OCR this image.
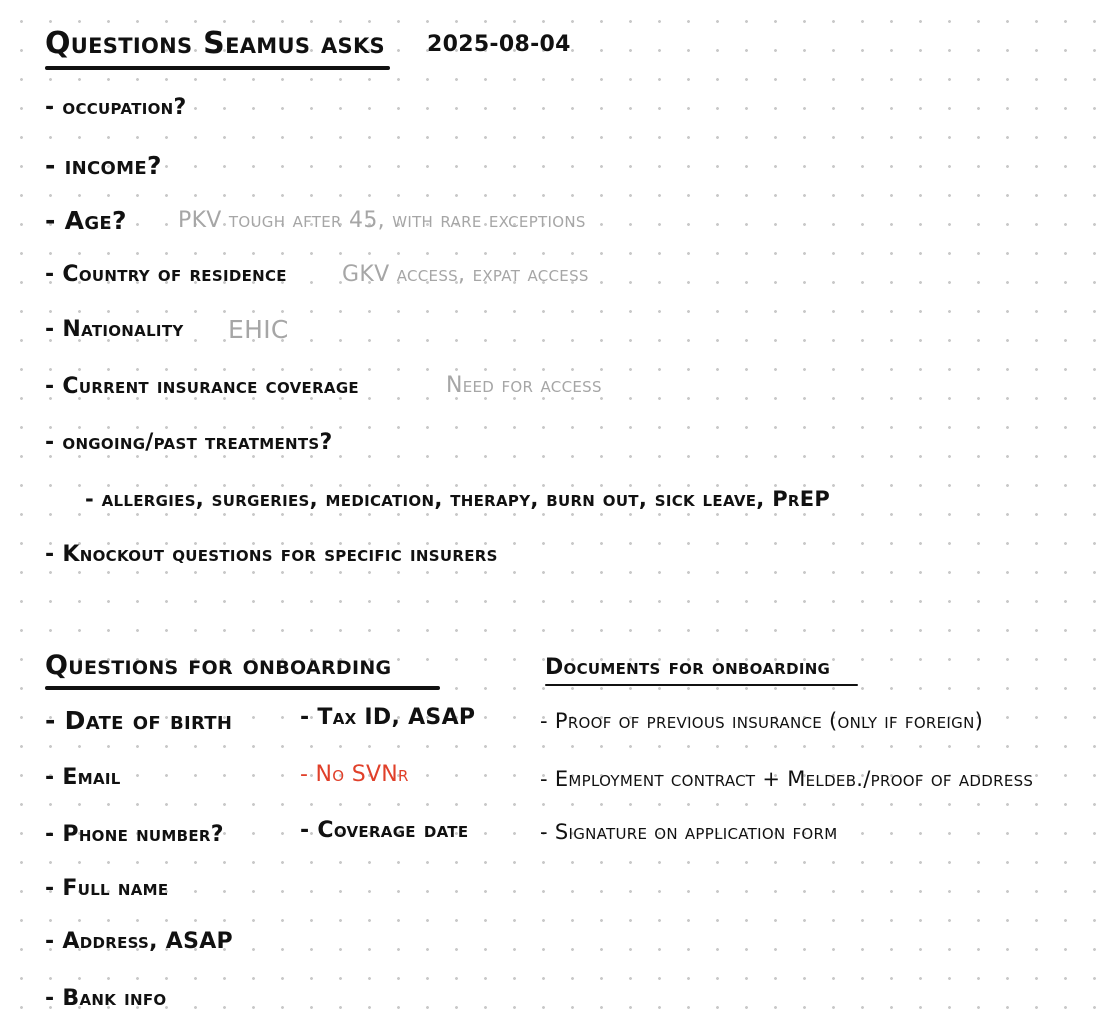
Questions Seamus asks 2025-08-04
- occupation?
- income?
- Age? PKV tough after 45, with rare exceptions
- Country of residence	GKV access, expat access
- Nationality EHIC
- Current insurance coverage	Need for access
- ongoing/past treatments?
- allergies, surgeries, medication, therapy, burn out, sick leave, PrEP
- Knockout questions for specific insurers
Questions for onboarding
- Date of birth
- Email
- Phone number?
- Full name
- Address, ASAP
- Bank info
- Tax ID, ASAP
- No SVNr
- Coverage date
Documents for onboarding
- Proof of previous insurance (only if foreign)
- Employment contract + Meldeb./proof of address
- Signature on application form
